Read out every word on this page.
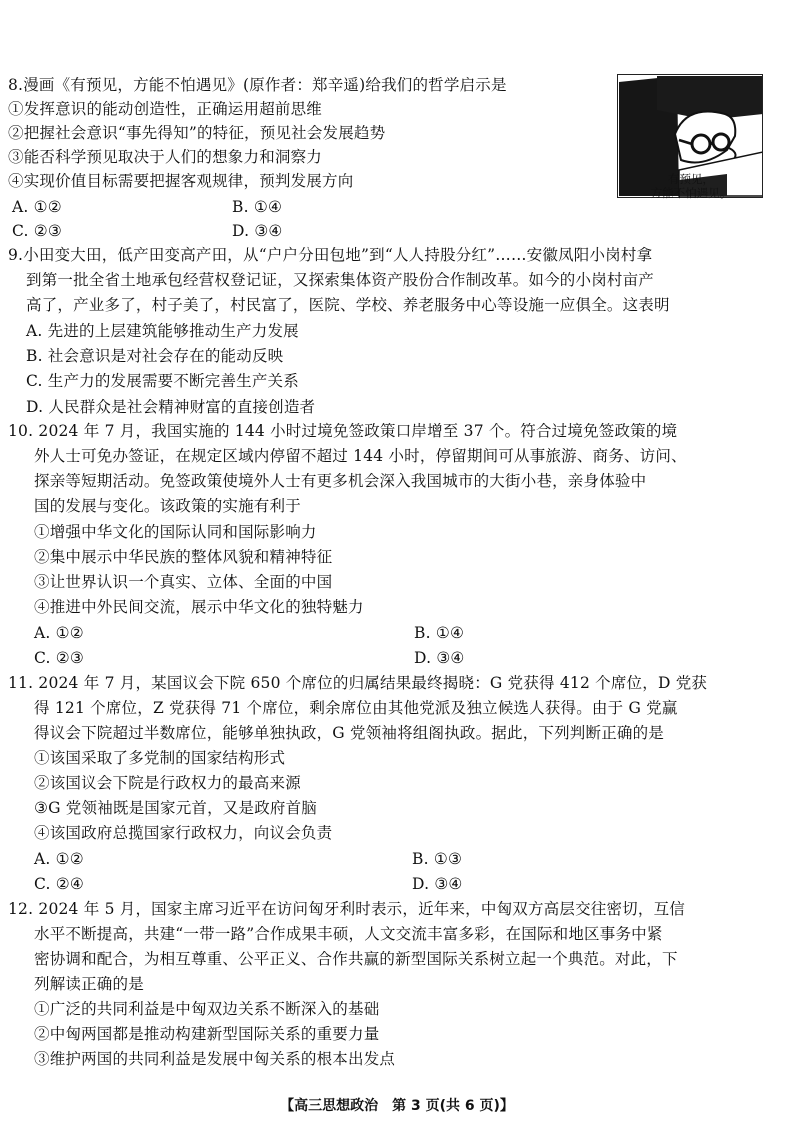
8.漫画《有预见，方能不怕遇见》(原作者：郑辛遥)给我们的哲学启示是
①发挥意识的能动创造性，正确运用超前思维
②把握社会意识“事先得知”的特征，预见社会发展趋势
③能否科学预见取决于人们的想象力和洞察力
④实现价值目标需要把握客观规律，预判发展方向
A. ①②	B. ①④
C. ②③	D. ③④
有预见，
方能不怕遇见。
9.小田变大田，低产田变高产田，从“户户分田包地”到“人人持股分红”……安徽凤阳小岗村拿
到第一批全省土地承包经营权登记证，又探索集体资产股份合作制改革。如今的小岗村亩产
高了，产业多了，村子美了，村民富了，医院、学校、养老服务中心等设施一应俱全。这表明
A. 先进的上层建筑能够推动生产力发展
B. 社会意识是对社会存在的能动反映
C. 生产力的发展需要不断完善生产关系
D. 人民群众是社会精神财富的直接创造者
10. 2024 年 7 月，我国实施的 144 小时过境免签政策口岸增至 37 个。符合过境免签政策的境
外人士可免办签证，在规定区域内停留不超过 144 小时，停留期间可从事旅游、商务、访问、
探亲等短期活动。免签政策使境外人士有更多机会深入我国城市的大街小巷，亲身体验中
国的发展与变化。该政策的实施有利于
①增强中华文化的国际认同和国际影响力
②集中展示中华民族的整体风貌和精神特征
③让世界认识一个真实、立体、全面的中国
④推进中外民间交流，展示中华文化的独特魅力
A. ①②	B. ①④
C. ②③	D. ③④
11. 2024 年 7 月，某国议会下院 650 个席位的归属结果最终揭晓：G 党获得 412 个席位，D 党获
得 121 个席位，Z 党获得 71 个席位，剩余席位由其他党派及独立候选人获得。由于 G 党赢
得议会下院超过半数席位，能够单独执政，G 党领袖将组阁执政。据此，下列判断正确的是
①该国采取了多党制的国家结构形式
②该国议会下院是行政权力的最高来源
③G 党领袖既是国家元首，又是政府首脑
④该国政府总揽国家行政权力，向议会负责
A. ①②	B. ①③
C. ②④	D. ③④
12. 2024 年 5 月，国家主席习近平在访问匈牙利时表示，近年来，中匈双方高层交往密切，互信
水平不断提高，共建“一带一路”合作成果丰硕，人文交流丰富多彩，在国际和地区事务中紧
密协调和配合，为相互尊重、公平正义、合作共赢的新型国际关系树立起一个典范。对此，下
列解读正确的是
①广泛的共同利益是中匈双边关系不断深入的基础
②中匈两国都是推动构建新型国际关系的重要力量
③维护两国的共同利益是发展中匈关系的根本出发点
【高三思想政治　第 3 页(共 6 页)】
